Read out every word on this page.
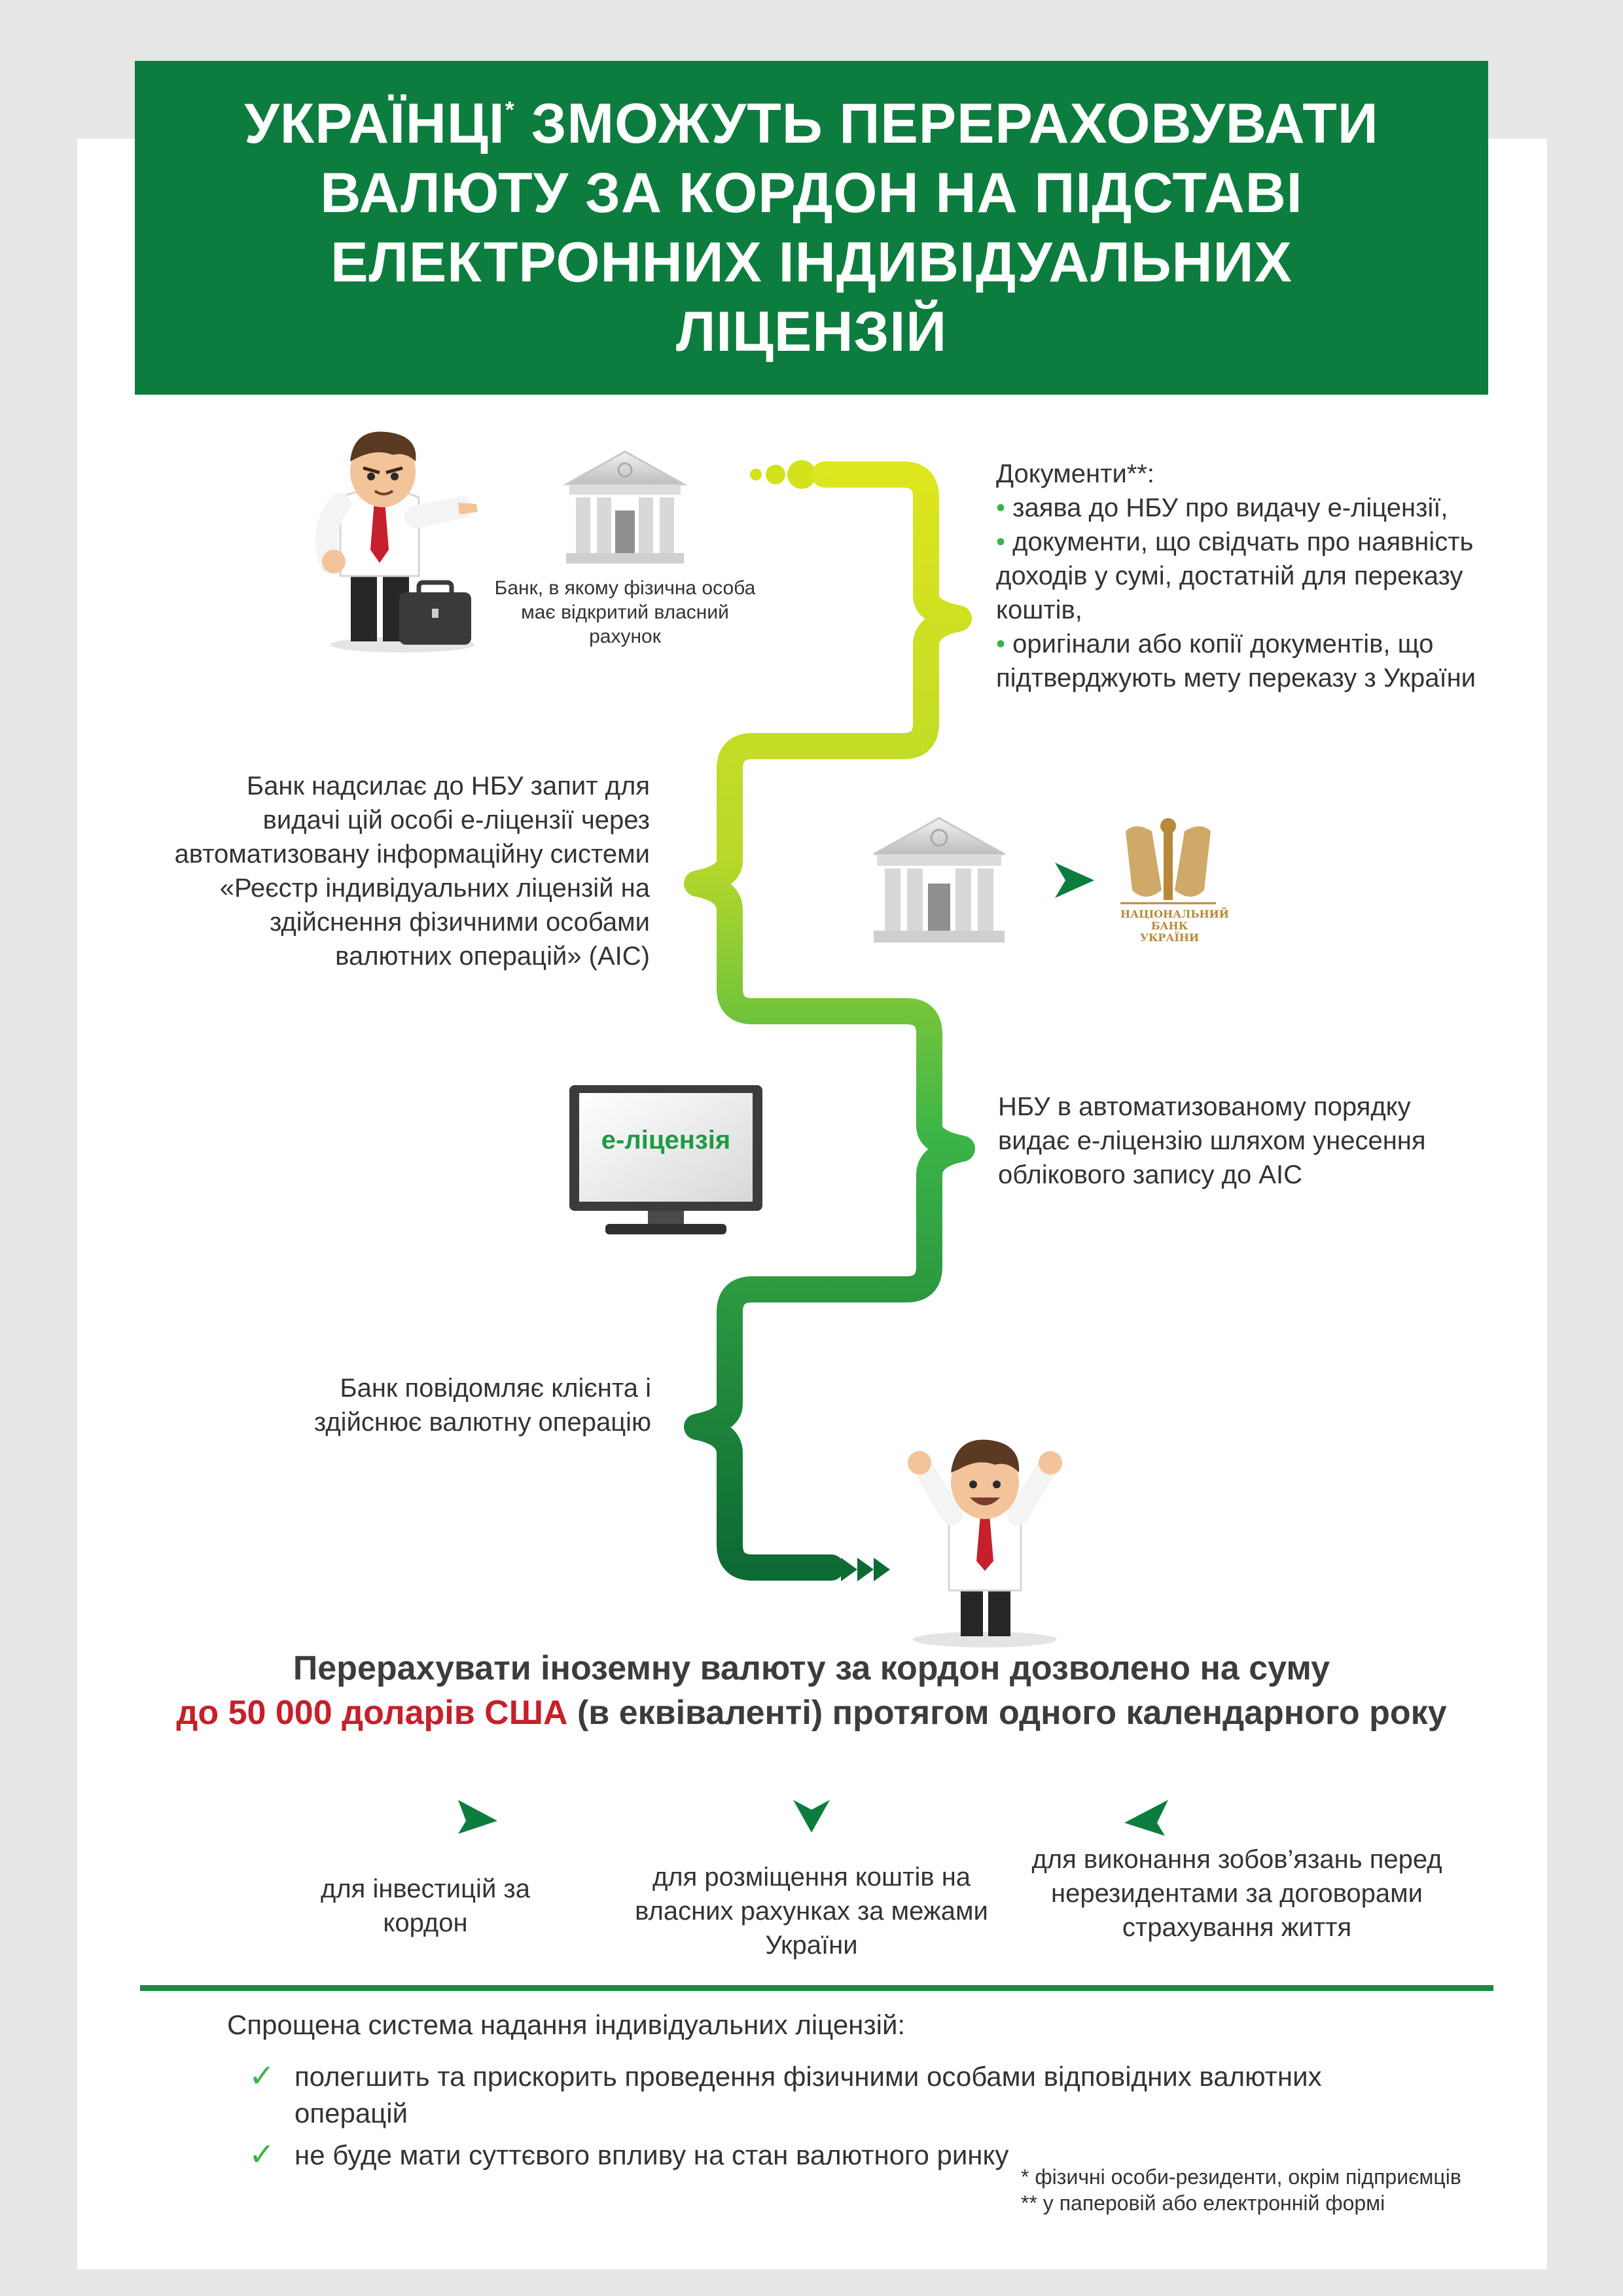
УКРАЇНЦІ* ЗМОЖУТЬ ПЕРЕРАХОВУВАТИ ВАЛЮТУ ЗА КОРДОН НА ПІДСТАВІ ЕЛЕКТРОННИХ ІНДИВІДУАЛЬНИХ ЛІЦЕНЗІЙ
Банк, в якому фізична особа має відкритий власний рахунок
Документи**:
• заява до НБУ про видачу е-ліцензії,
• документи, що свідчать про наявність доходів у сумі, достатній для переказу коштів,
• оригінали або копії документів, що підтверджують мету переказу з України
Банк надсилає до НБУ запит для видачі цій особі е-ліцензії через автоматизовану інформаційну системи «Реєстр індивідуальних ліцензій на здійснення фізичними особами валютних операцій» (АІС)
НАЦІОНАЛЬНИЙ БАНК УКРАЇНИ
е-ліцензія
НБУ в автоматизованому порядку видає е-ліцензію шляхом унесення облікового запису до АІС
Банк повідомляє клієнта і здійснює валютну операцію
Перерахувати іноземну валюту за кордон дозволено на суму
до 50 000 доларів США (в еквіваленті) протягом одного календарного року
для інвестицій за кордон
для розміщення коштів на власних рахунках за межами України
для виконання зобов’язань перед нерезидентами за договорами страхування життя
Спрощена система надання індивідуальних ліцензій:
✓ полегшить та прискорить проведення фізичними особами відповідних валютних операцій
✓ не буде мати суттєвого впливу на стан валютного ринку
* фізичні особи-резиденти, окрім підприємців
** у паперовій або електронній формі
